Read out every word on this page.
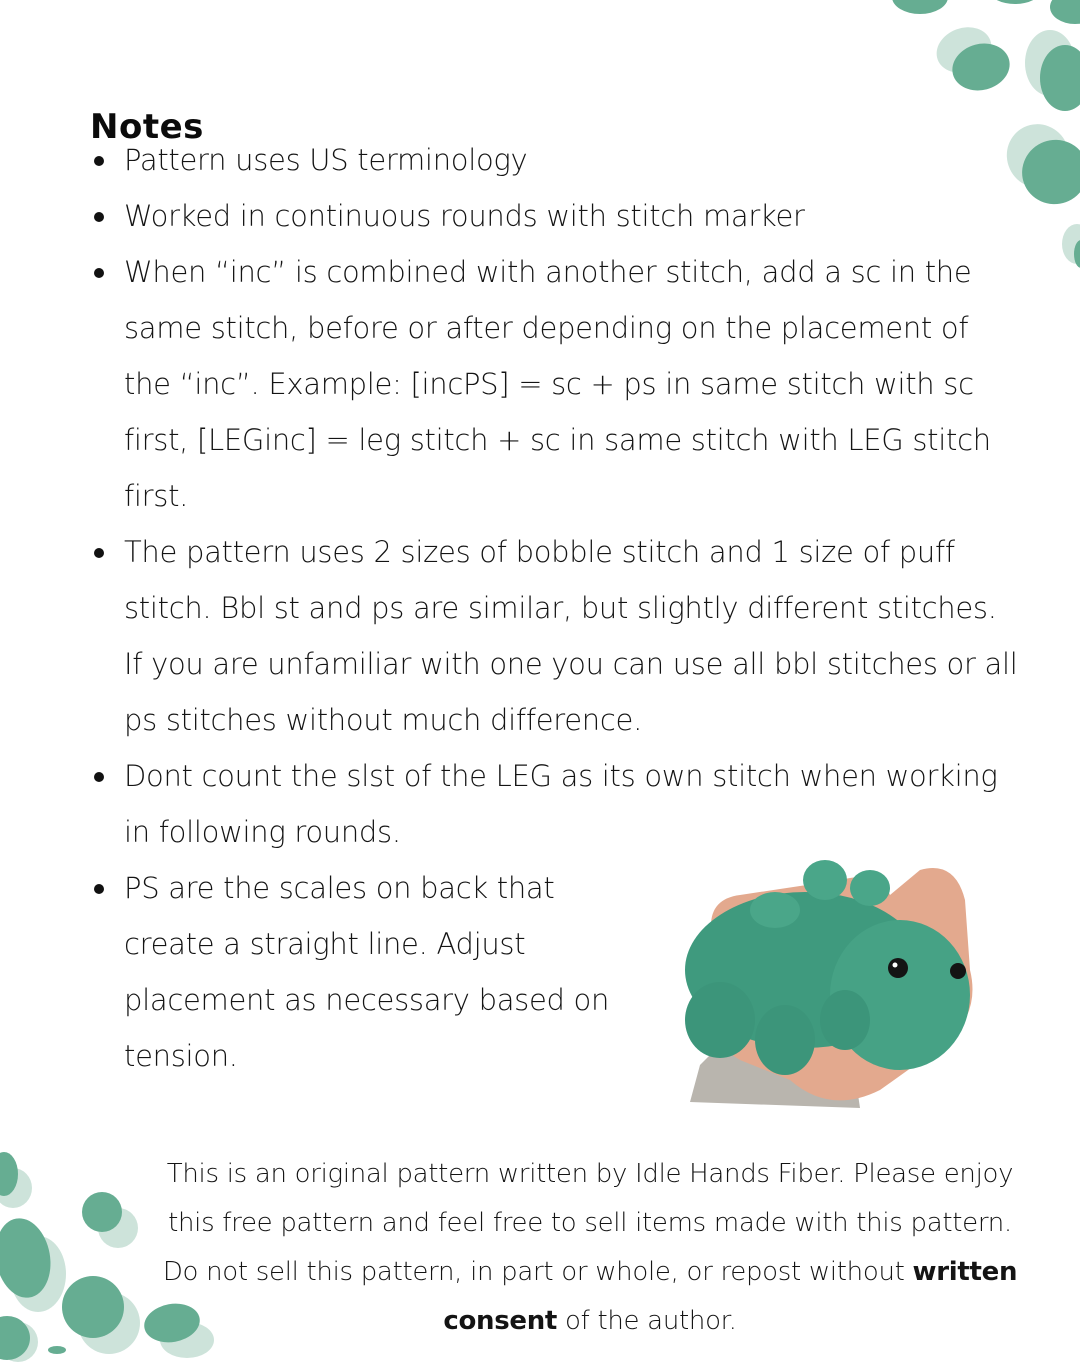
Notes
Pattern uses US terminology
Worked in continuous rounds with stitch marker
When “inc” is combined with another stitch, add a sc in the same stitch, before or after depending on the placement of the “inc”. Example: [incPS] = sc + ps in same stitch with sc first, [LEGinc] = leg stitch + sc in same stitch with LEG stitch first.
The pattern uses 2 sizes of bobble stitch and 1 size of puff stitch. Bbl st and ps are similar, but slightly different stitches. If you are unfamiliar with one you can use all bbl stitches or all ps stitches without much difference.
Dont count the slst of the LEG as its own stitch when working in following rounds.
PS are the scales on back that create a straight line. Adjust placement as necessary based on tension.
This is an original pattern written by Idle Hands Fiber. Please enjoy this free pattern and feel free to sell items made with this pattern. Do not sell this pattern, in part or whole, or repost without written consent of the author.
